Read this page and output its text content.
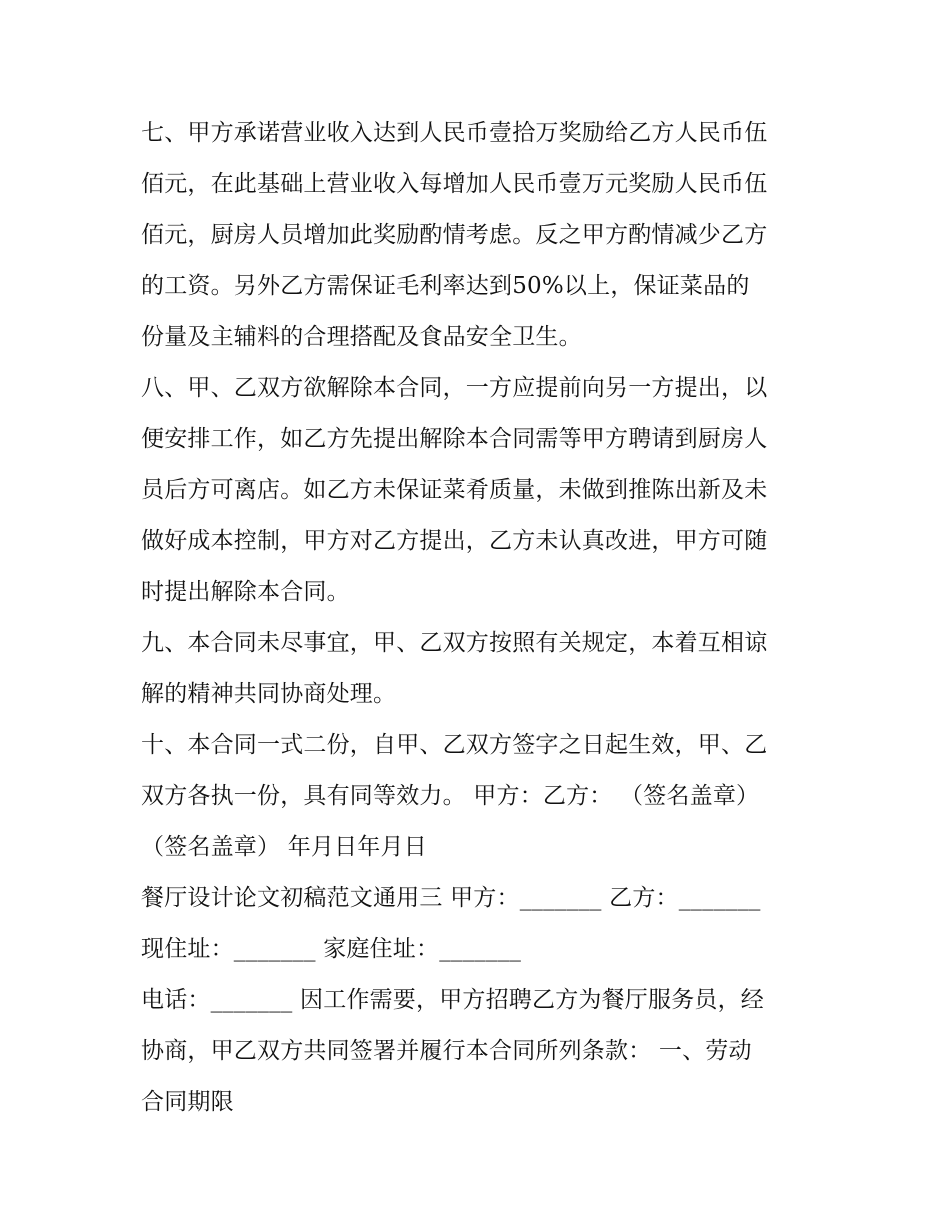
七、甲方承诺营业收入达到人民币壹拾万奖励给乙方人民币伍
佰元，在此基础上营业收入每增加人民币壹万元奖励人民币伍
佰元，厨房人员增加此奖励酌情考虑。反之甲方酌情减少乙方
的工资。另外乙方需保证毛利率达到50%以上，保证菜品的
份量及主辅料的合理搭配及食品安全卫生。
八、甲、乙双方欲解除本合同，一方应提前向另一方提出，以
便安排工作，如乙方先提出解除本合同需等甲方聘请到厨房人
员后方可离店。如乙方未保证菜肴质量，未做到推陈出新及未
做好成本控制，甲方对乙方提出，乙方未认真改进，甲方可随
时提出解除本合同。
九、本合同未尽事宜，甲、乙双方按照有关规定，本着互相谅
解的精神共同协商处理。
十、本合同一式二份，自甲、乙双方签字之日起生效，甲、乙
双方各执一份，具有同等效力。 甲方：乙方： （签名盖章）
（签名盖章） 年月日年月日
餐厅设计论文初稿范文通用三 甲方：_______ 乙方：_______
现住址：_______ 家庭住址：_______
电话：_______ 因工作需要，甲方招聘乙方为餐厅服务员，经
协商，甲乙双方共同签署并履行本合同所列条款： 一、劳动
合同期限
